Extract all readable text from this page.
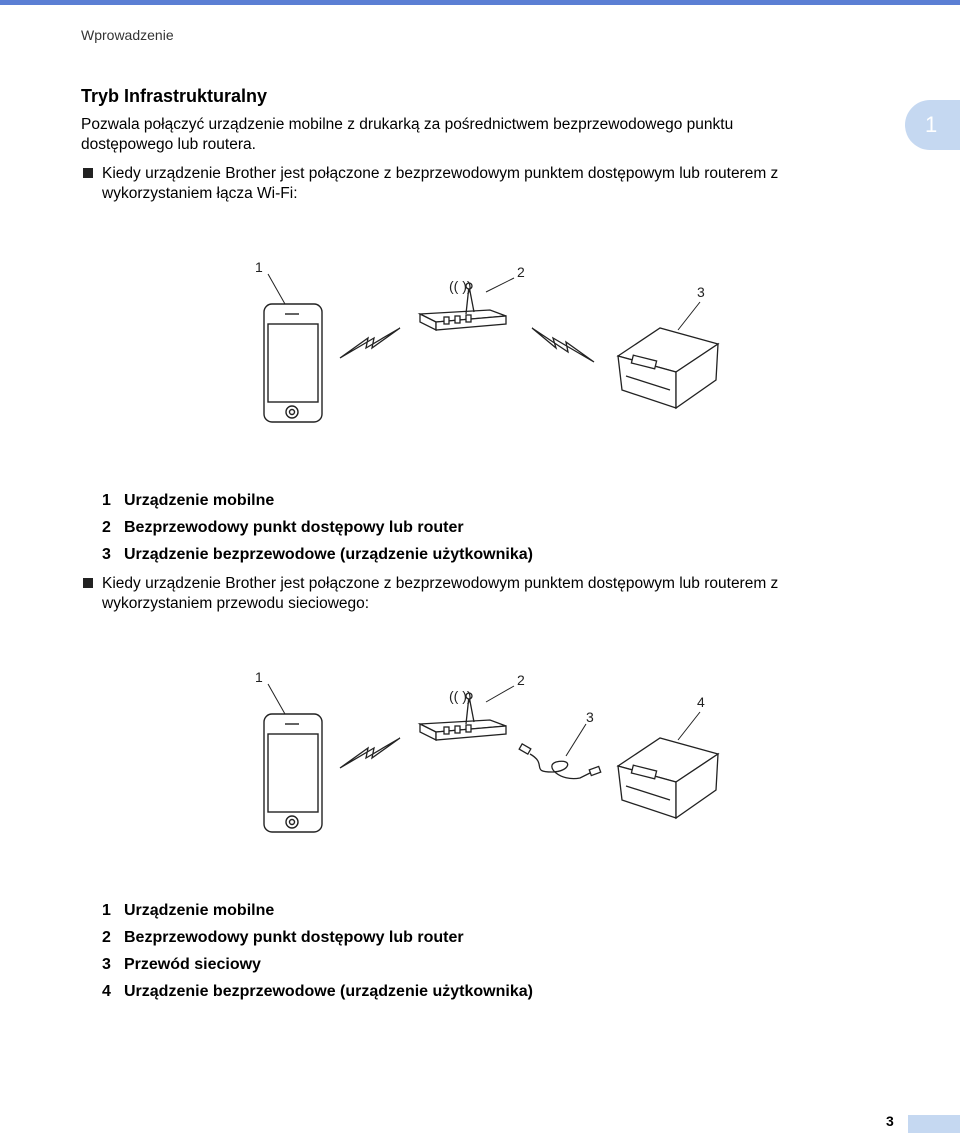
Wprowadzenie
1
Tryb Infrastrukturalny
Pozwala połączyć urządzenie mobilne z drukarką za pośrednictwem bezprzewodowego punktu dostępowego lub routera.
Kiedy urządzenie Brother jest połączone z bezprzewodowym punktem dostępowym lub routerem z wykorzystaniem łącza Wi-Fi:
1
(( ))
2
3
1 Urządzenie mobilne
2 Bezprzewodowy punkt dostępowy lub router
3 Urządzenie bezprzewodowe (urządzenie użytkownika)
Kiedy urządzenie Brother jest połączone z bezprzewodowym punktem dostępowym lub routerem z wykorzystaniem przewodu sieciowego:
1
(( ))
2
3
4
1 Urządzenie mobilne
2 Bezprzewodowy punkt dostępowy lub router
3 Przewód sieciowy
4 Urządzenie bezprzewodowe (urządzenie użytkownika)
3
